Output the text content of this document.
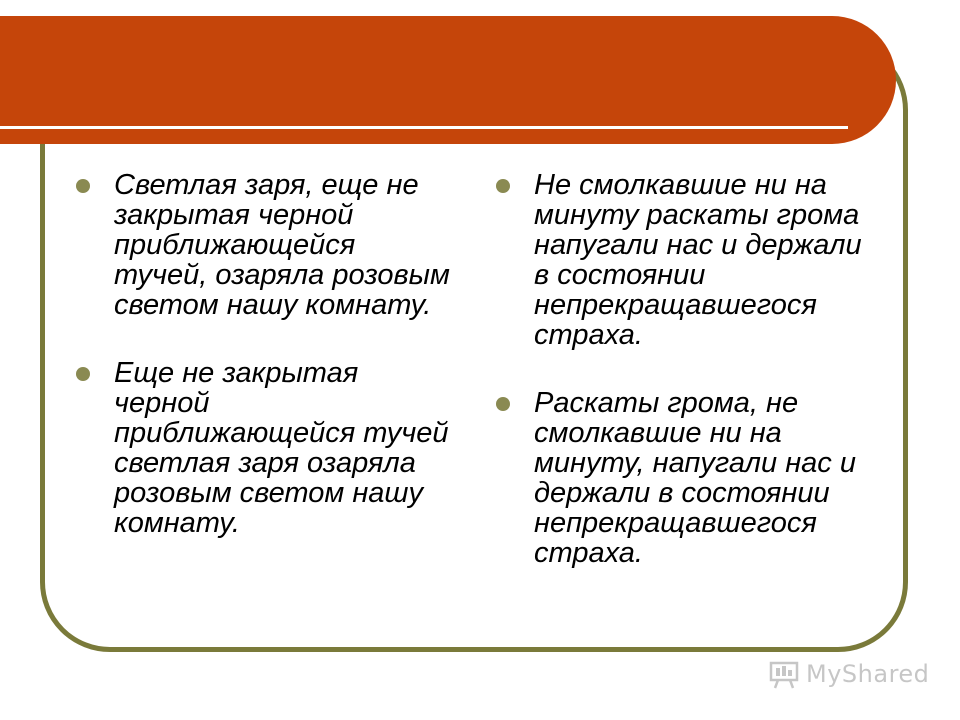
Светлая заря, еще не закрытая черной приближающейся тучей, озаряла розовым светом нашу комнату.
Еще не закрытая черной приближающейся тучей светлая заря озаряла розовым светом нашу комнату.
Не смолкавшие ни на минуту раскаты грома напугали нас и держали в состоянии непрекращавшегося страха.
Раскаты грома, не смолкавшие ни на минуту, напугали нас и держали в состоянии непрекращавшегося страха.
MyShared
